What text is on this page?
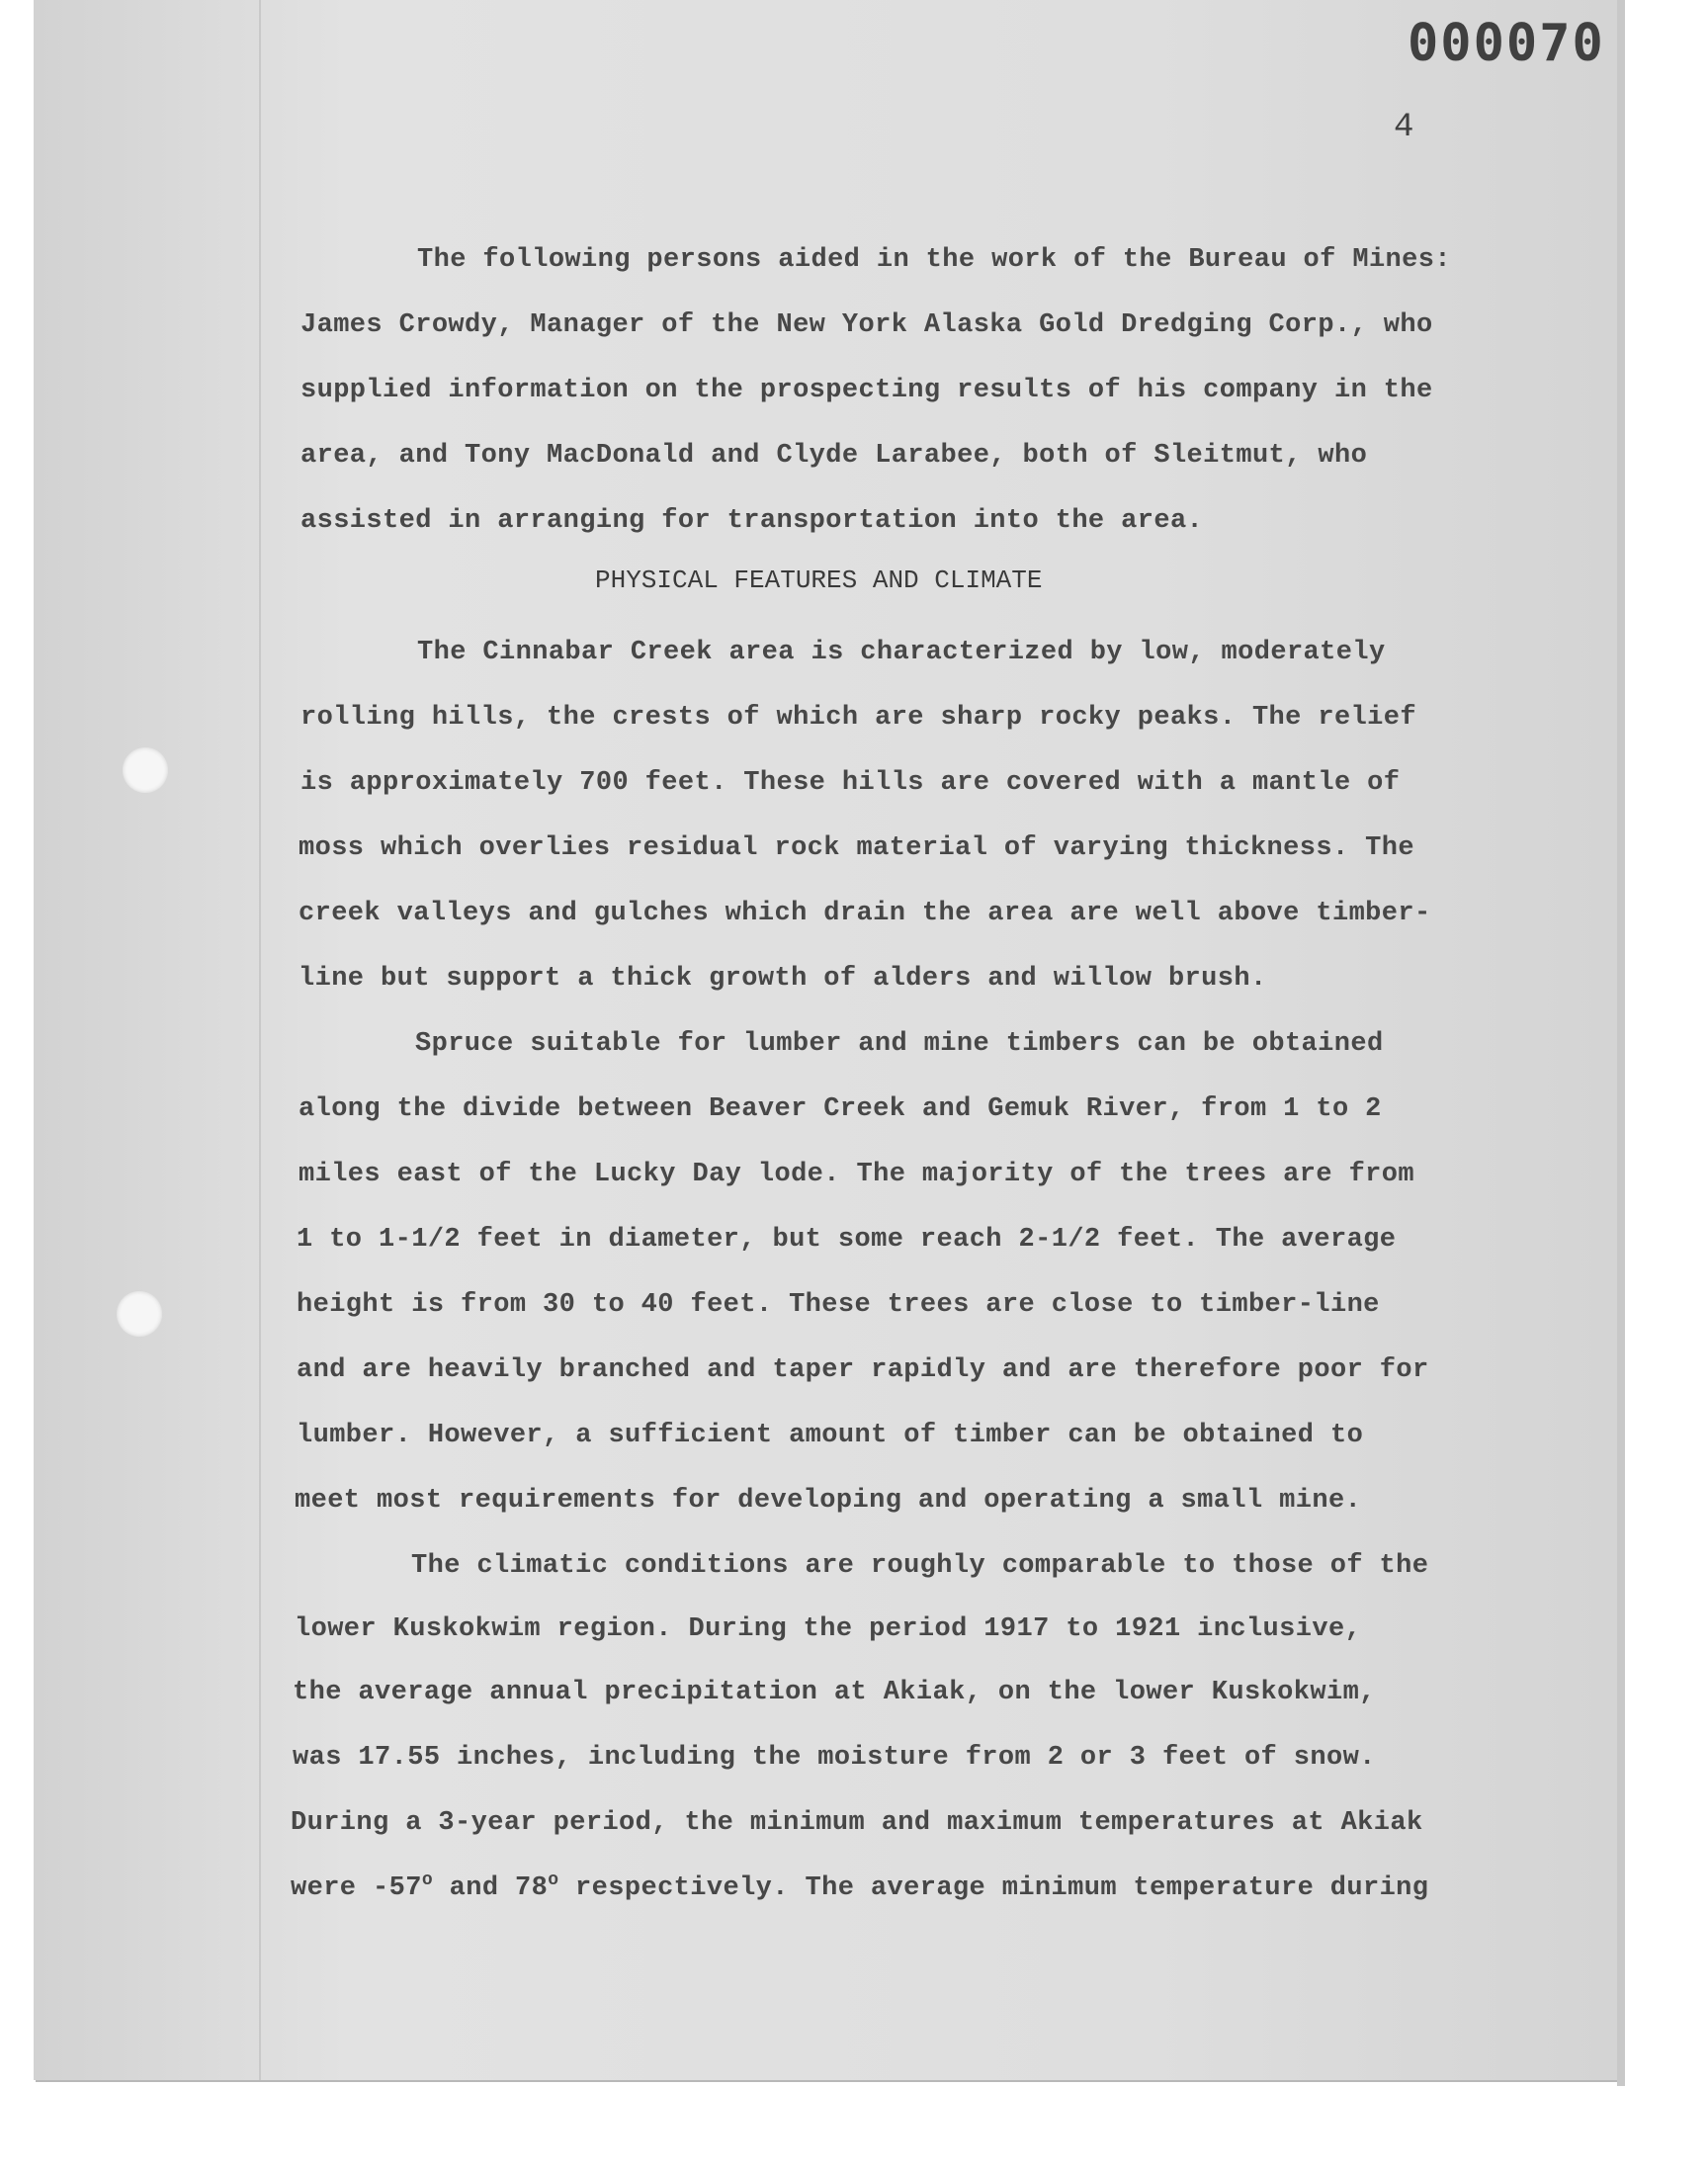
000070
4
The following persons aided in the work of the Bureau of Mines:
James Crowdy, Manager of the New York Alaska Gold Dredging Corp., who
supplied information on the prospecting results of his company in the
area, and Tony MacDonald and Clyde Larabee, both of Sleitmut, who
assisted in arranging for transportation into the area.
PHYSICAL FEATURES AND CLIMATE
The Cinnabar Creek area is characterized by low, moderately
rolling hills, the crests of which are sharp rocky peaks. The relief
is approximately 700 feet. These hills are covered with a mantle of
moss which overlies residual rock material of varying thickness. The
creek valleys and gulches which drain the area are well above timber-
line but support a thick growth of alders and willow brush.
Spruce suitable for lumber and mine timbers can be obtained
along the divide between Beaver Creek and Gemuk River, from 1 to 2
miles east of the Lucky Day lode. The majority of the trees are from
1 to 1-1/2 feet in diameter, but some reach 2-1/2 feet. The average
height is from 30 to 40 feet. These trees are close to timber-line
and are heavily branched and taper rapidly and are therefore poor for
lumber. However, a sufficient amount of timber can be obtained to
meet most requirements for developing and operating a small mine.
The climatic conditions are roughly comparable to those of the
lower Kuskokwim region. During the period 1917 to 1921 inclusive,
the average annual precipitation at Akiak, on the lower Kuskokwim,
was 17.55 inches, including the moisture from 2 or 3 feet of snow.
During a 3-year period, the minimum and maximum temperatures at Akiak
were -57$^o$ and 78$^o$ respectively. The average minimum temperature during
